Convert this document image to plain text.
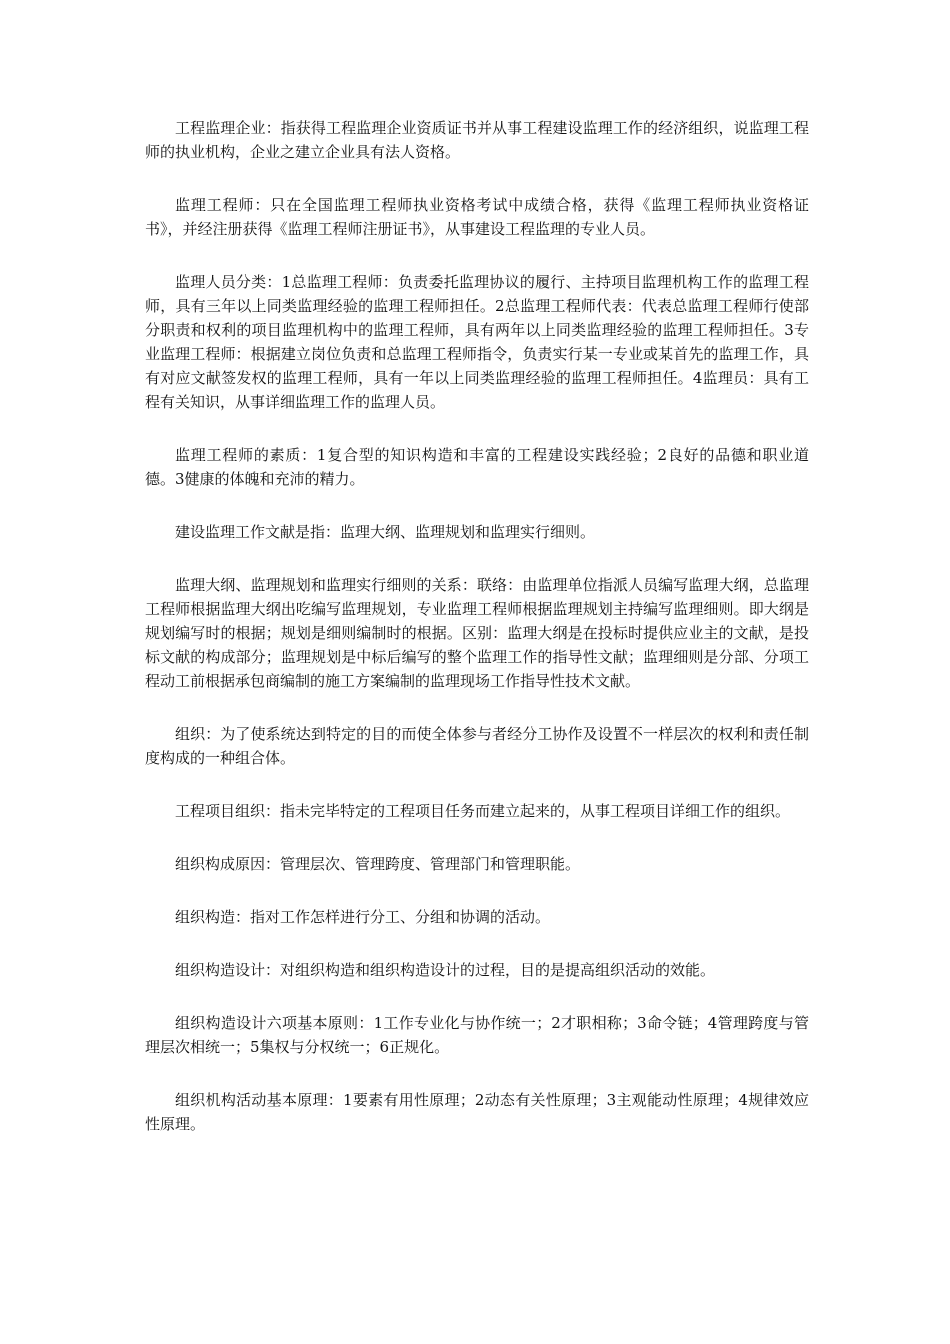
工程监理企业：指获得工程监理企业资质证书并从事工程建设监理工作的经济组织，说监理工程师的执业机构，企业之建立企业具有法人资格。

监理工程师：只在全国监理工程师执业资格考试中成绩合格，获得《监理工程师执业资格证书》，并经注册获得《监理工程师注册证书》，从事建设工程监理的专业人员。

监理人员分类：1总监理工程师：负责委托监理协议的履行、主持项目监理机构工作的监理工程师，具有三年以上同类监理经验的监理工程师担任。2总监理工程师代表：代表总监理工程师行使部分职责和权利的项目监理机构中的监理工程师，具有两年以上同类监理经验的监理工程师担任。3专业监理工程师：根据建立岗位负责和总监理工程师指令，负责实行某一专业或某首先的监理工作，具有对应文献签发权的监理工程师，具有一年以上同类监理经验的监理工程师担任。4监理员：具有工程有关知识，从事详细监理工作的监理人员。

监理工程师的素质：1复合型的知识构造和丰富的工程建设实践经验；2良好的品德和职业道德。3健康的体魄和充沛的精力。

建设监理工作文献是指：监理大纲、监理规划和监理实行细则。

监理大纲、监理规划和监理实行细则的关系：联络：由监理单位指派人员编写监理大纲，总监理工程师根据监理大纲出吃编写监理规划，专业监理工程师根据监理规划主持编写监理细则。即大纲是规划编写时的根据；规划是细则编制时的根据。区别：监理大纲是在投标时提供应业主的文献，是投标文献的构成部分；监理规划是中标后编写的整个监理工作的指导性文献；监理细则是分部、分项工程动工前根据承包商编制的施工方案编制的监理现场工作指导性技术文献。

组织：为了使系统达到特定的目的而使全体参与者经分工协作及设置不一样层次的权利和责任制度构成的一种组合体。

工程项目组织：指未完毕特定的工程项目任务而建立起来的，从事工程项目详细工作的组织。

组织构成原因：管理层次、管理跨度、管理部门和管理职能。

组织构造：指对工作怎样进行分工、分组和协调的活动。

组织构造设计：对组织构造和组织构造设计的过程，目的是提高组织活动的效能。

组织构造设计六项基本原则：1工作专业化与协作统一；2才职相称；3命令链；4管理跨度与管理层次相统一；5集权与分权统一；6正规化。

组织机构活动基本原理：1要素有用性原理；2动态有关性原理；3主观能动性原理；4规律效应性原理。
